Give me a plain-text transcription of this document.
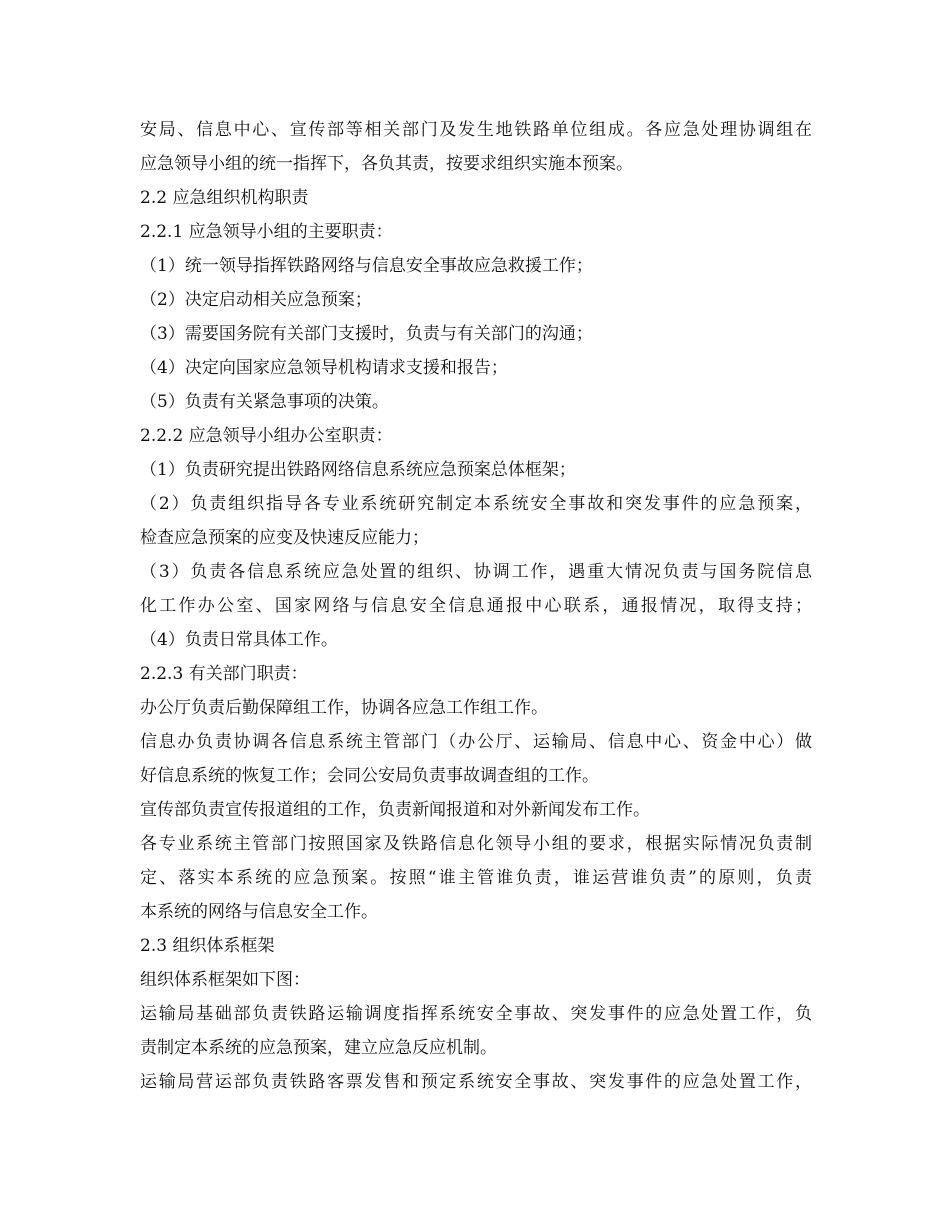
安局、信息中心、宣传部等相关部门及发生地铁路单位组成。各应急处理协调组在
应急领导小组的统一指挥下，各负其责，按要求组织实施本预案。
2.2 应急组织机构职责
2.2.1 应急领导小组的主要职责：
（1）统一领导指挥铁路网络与信息安全事故应急救援工作；
（2）决定启动相关应急预案；
（3）需要国务院有关部门支援时，负责与有关部门的沟通；
（4）决定向国家应急领导机构请求支援和报告；
（5）负责有关紧急事项的决策。
2.2.2 应急领导小组办公室职责：
（1）负责研究提出铁路网络信息系统应急预案总体框架；
（2）负责组织指导各专业系统研究制定本系统安全事故和突发事件的应急预案，
检查应急预案的应变及快速反应能力；
（3）负责各信息系统应急处置的组织、协调工作，遇重大情况负责与国务院信息
化工作办公室、国家网络与信息安全信息通报中心联系，通报情况，取得支持；
（4）负责日常具体工作。
2.2.3 有关部门职责：
办公厅负责后勤保障组工作，协调各应急工作组工作。
信息办负责协调各信息系统主管部门（办公厅、运输局、信息中心、资金中心）做
好信息系统的恢复工作；会同公安局负责事故调查组的工作。
宣传部负责宣传报道组的工作，负责新闻报道和对外新闻发布工作。
各专业系统主管部门按照国家及铁路信息化领导小组的要求，根据实际情况负责制
定、落实本系统的应急预案。按照“谁主管谁负责，谁运营谁负责”的原则，负责
本系统的网络与信息安全工作。
2.3 组织体系框架
组织体系框架如下图：
运输局基础部负责铁路运输调度指挥系统安全事故、突发事件的应急处置工作，负
责制定本系统的应急预案，建立应急反应机制。
运输局营运部负责铁路客票发售和预定系统安全事故、突发事件的应急处置工作，
